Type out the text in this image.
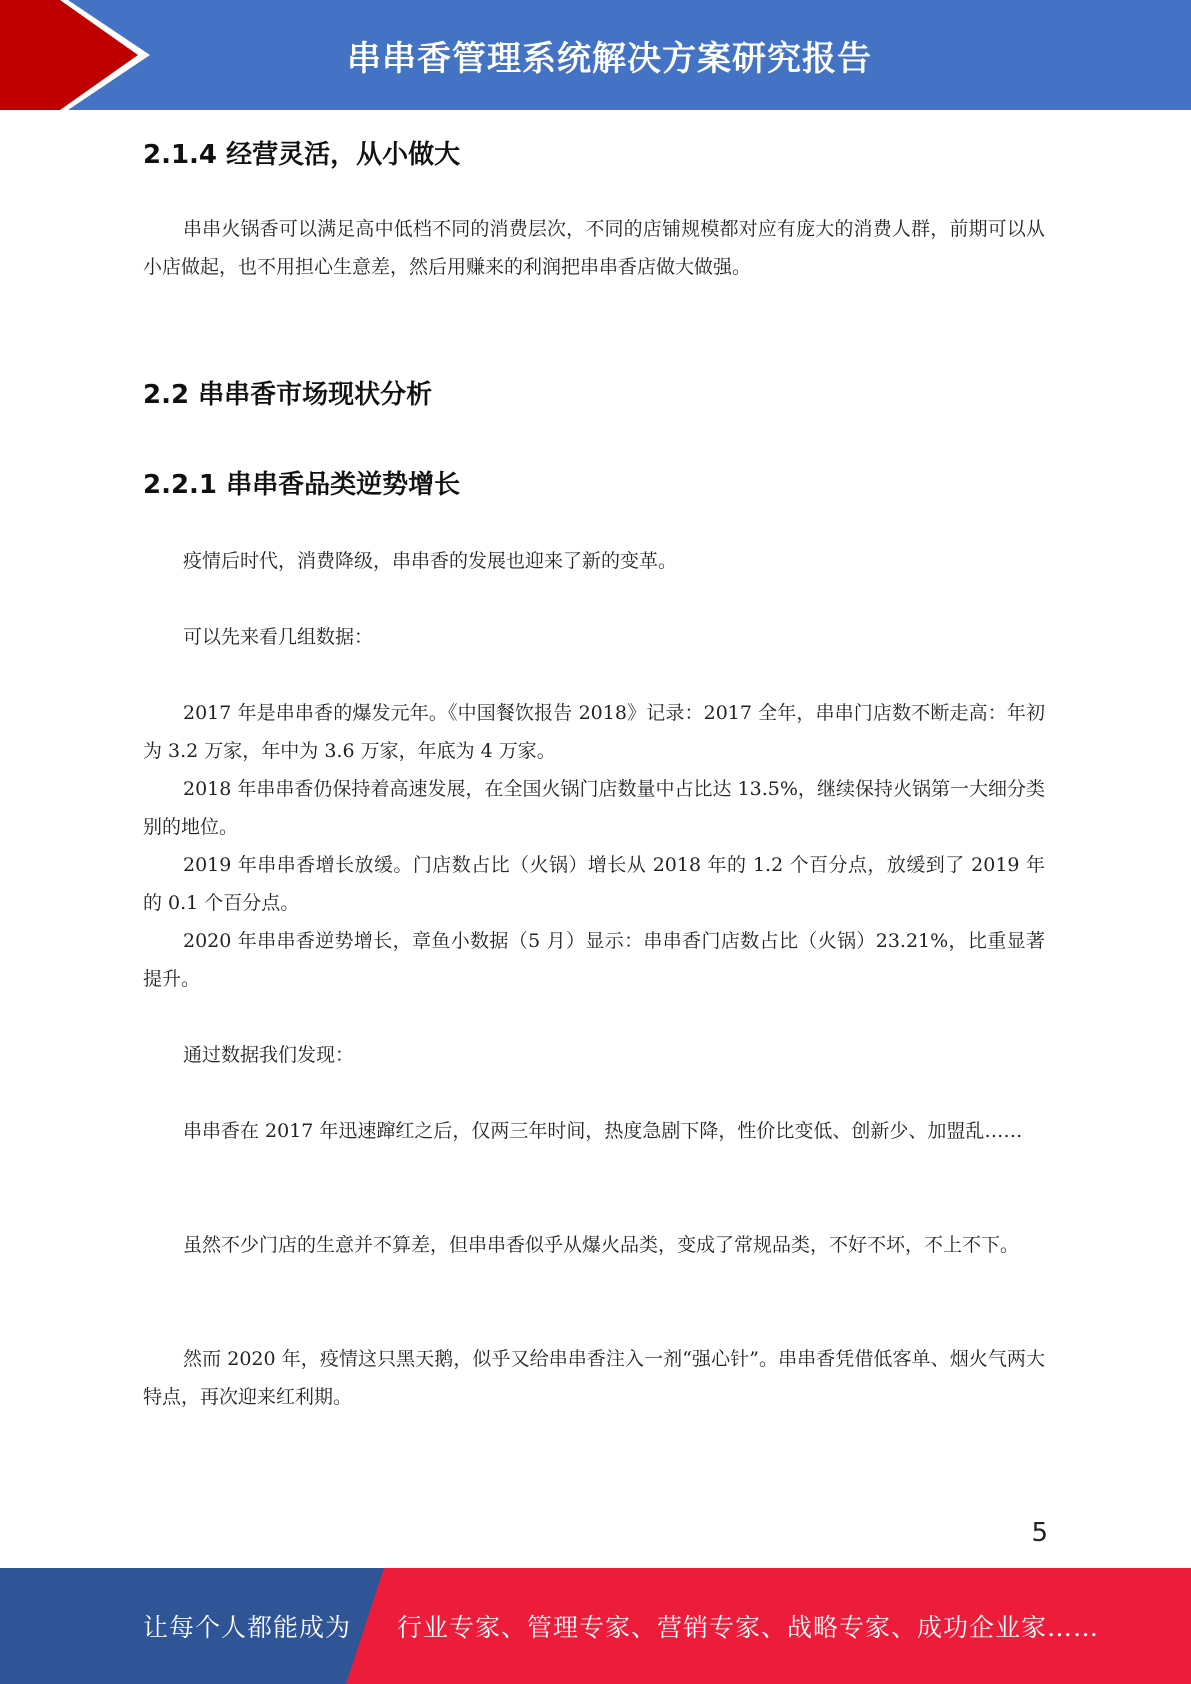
串串香管理系统解决方案研究报告
2.1.4 经营灵活，从小做大

串串火锅香可以满足高中低档不同的消费层次，不同的店铺规模都对应有庞大的消费人群，前期可以从小店做起，也不用担心生意差，然后用赚来的利润把串串香店做大做强。

2.2 串串香市场现状分析
2.2.1 串串香品类逆势增长

疫情后时代，消费降级，串串香的发展也迎来了新的变革。

可以先来看几组数据：

2017 年是串串香的爆发元年。《中国餐饮报告 2018》记录：2017 全年，串串门店数不断走高：年初为 3.2 万家，年中为 3.6 万家，年底为 4 万家。

2018 年串串香仍保持着高速发展，在全国火锅门店数量中占比达 13.5%，继续保持火锅第一大细分类别的地位。

2019 年串串香增长放缓。门店数占比（火锅）增长从 2018 年的 1.2 个百分点，放缓到了 2019 年的 0.1 个百分点。

2020 年串串香逆势增长，章鱼小数据（5 月）显示：串串香门店数占比（火锅）23.21%，比重显著提升。

通过数据我们发现：

串串香在 2017 年迅速蹿红之后，仅两三年时间，热度急剧下降，性价比变低、创新少、加盟乱……

虽然不少门店的生意并不算差，但串串香似乎从爆火品类，变成了常规品类，不好不坏，不上不下。

然而 2020 年，疫情这只黑天鹅，似乎又给串串香注入一剂“强心针”。串串香凭借低客单、烟火气两大特点，再次迎来红利期。

5
让每个人都能成为 行业专家、管理专家、营销专家、战略专家、成功企业家……
